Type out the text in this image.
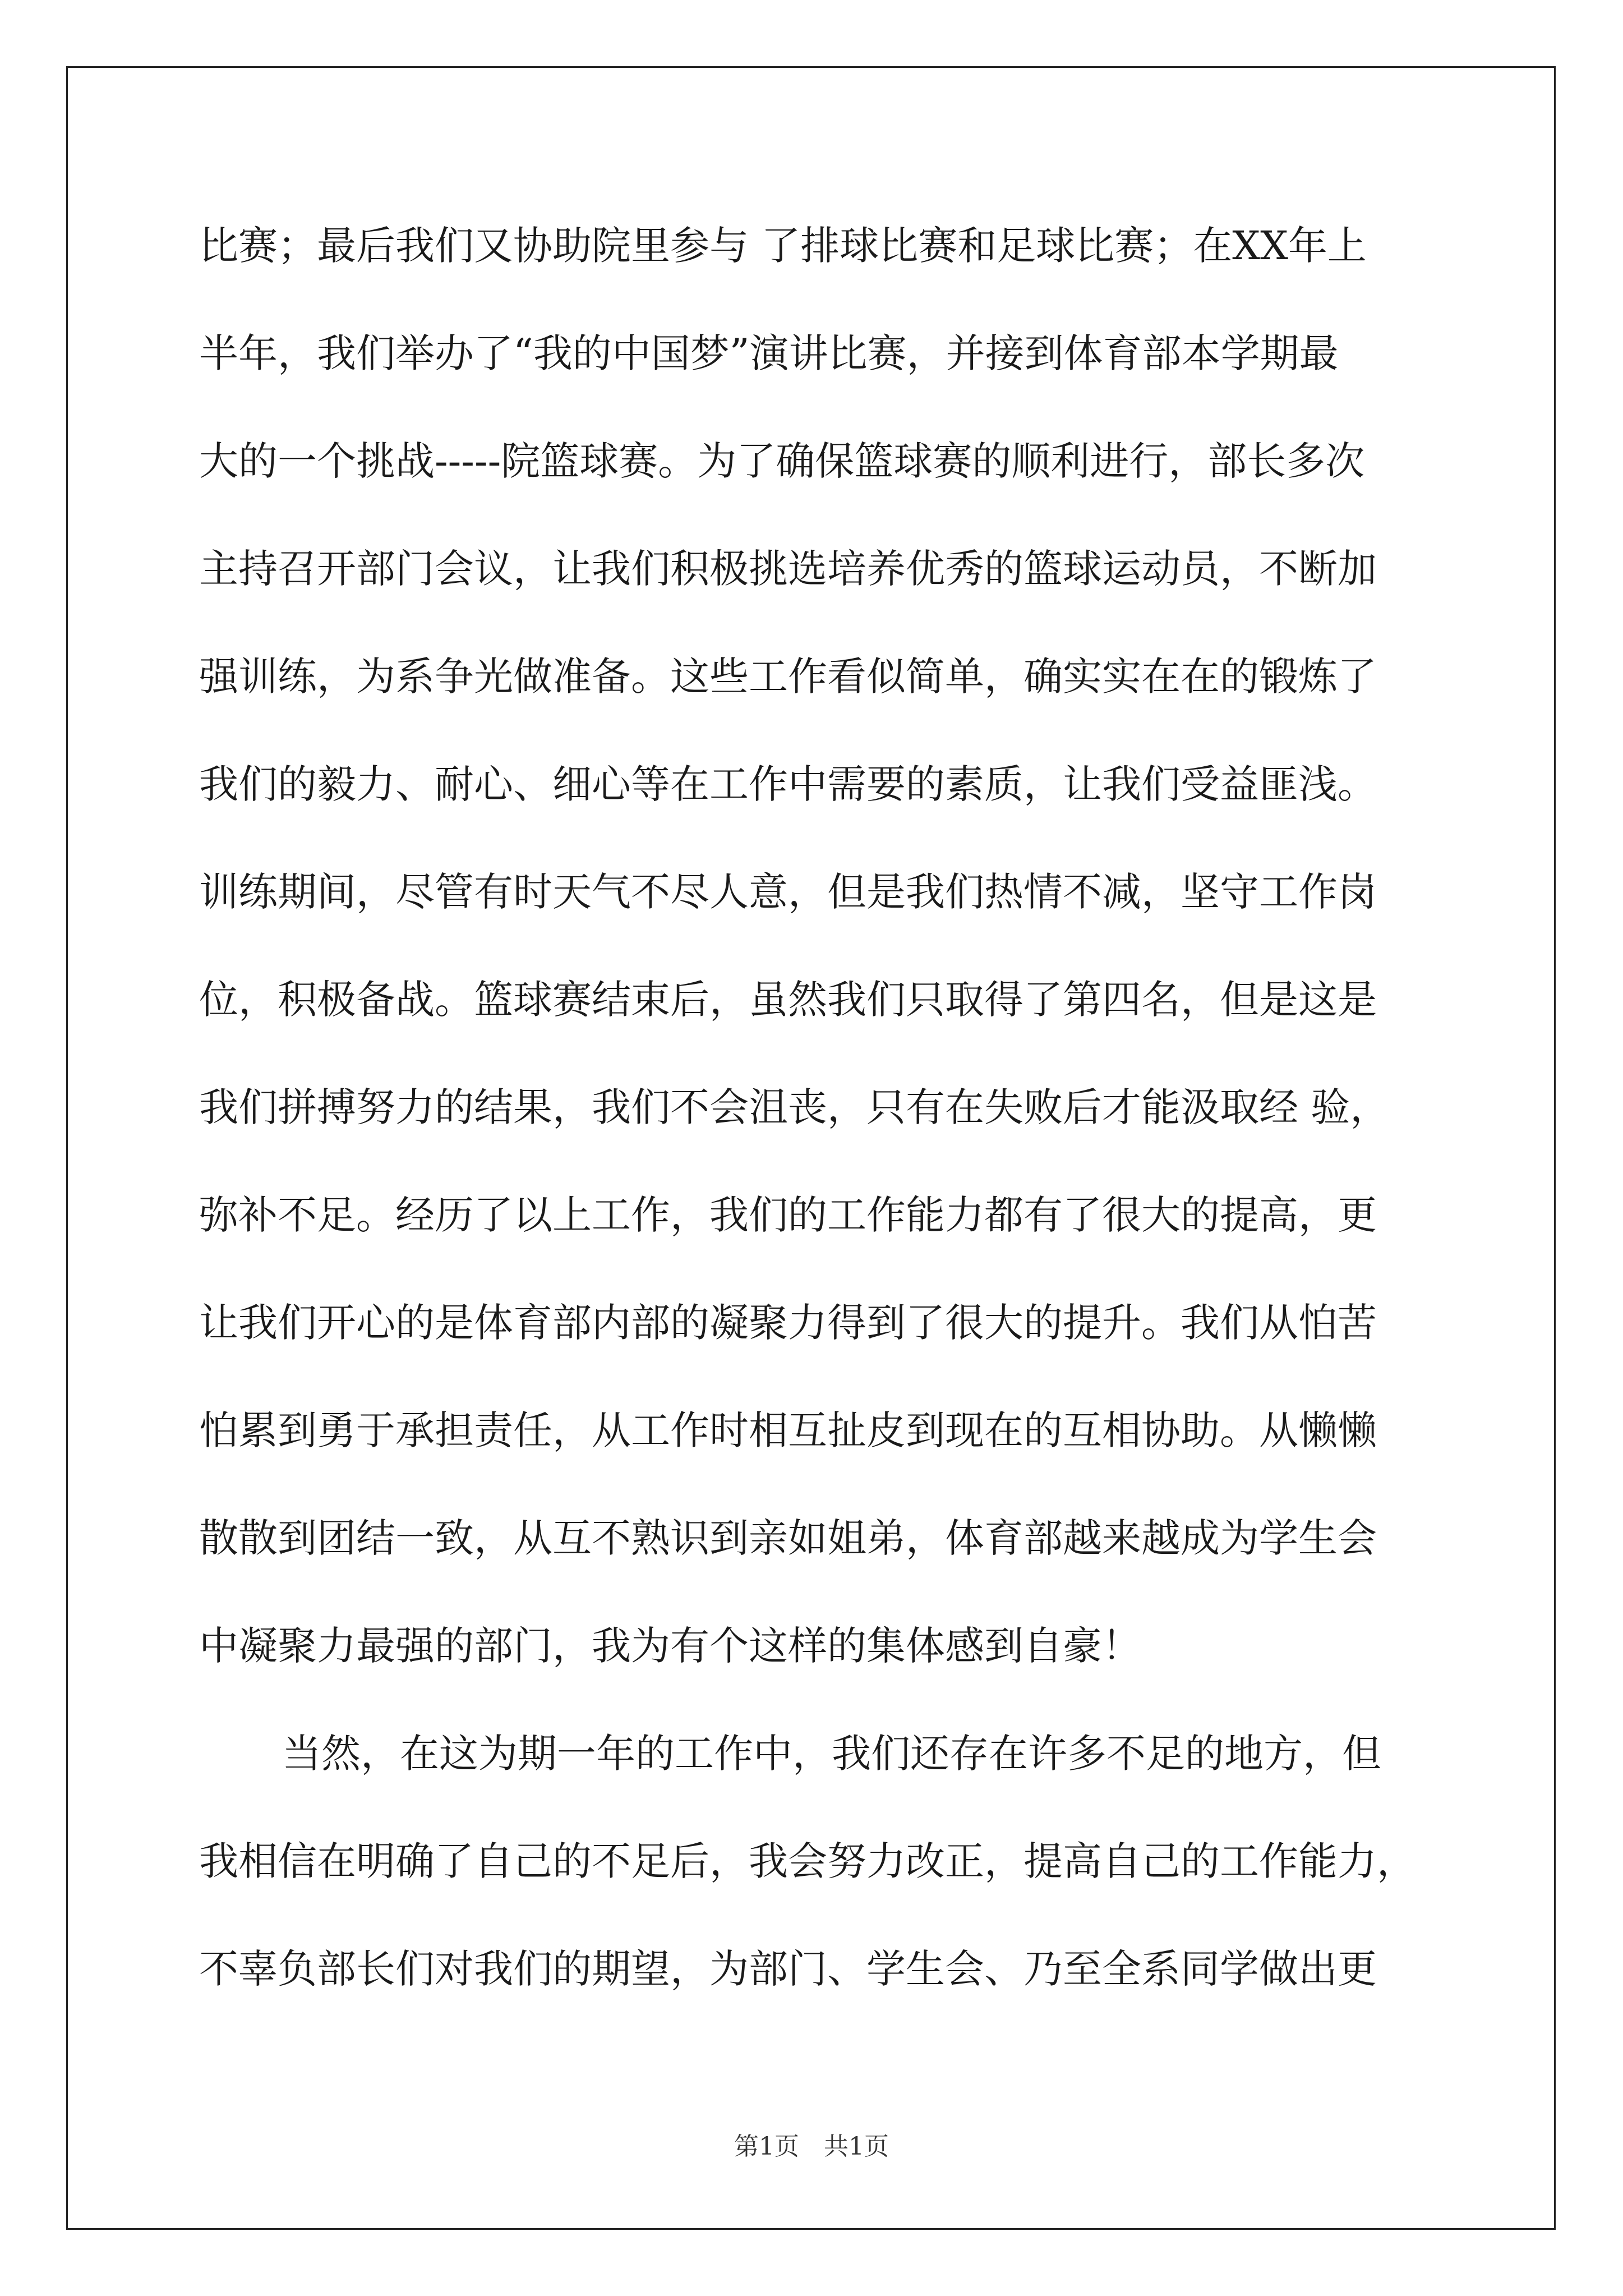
比赛；最后我们又协助院里参与 了排球比赛和足球比赛；在XX年上
半年，我们举办了“我的中国梦”演讲比赛，并接到体育部本学期最
大的一个挑战-----院篮球赛。为了确保篮球赛的顺利进行，部长多次
主持召开部门会议，让我们积极挑选培养优秀的篮球运动员，不断加
强训练，为系争光做准备。这些工作看似简单，确实实在在的锻炼了
我们的毅力、耐心、细心等在工作中需要的素质，让我们受益匪浅。
训练期间，尽管有时天气不尽人意，但是我们热情不减，坚守工作岗
位，积极备战。篮球赛结束后，虽然我们只取得了第四名，但是这是
我们拼搏努力的结果，我们不会沮丧，只有在失败后才能汲取经 验，
弥补不足。经历了以上工作，我们的工作能力都有了很大的提高，更
让我们开心的是体育部内部的凝聚力得到了很大的提升。我们从怕苦
怕累到勇于承担责任，从工作时相互扯皮到现在的互相协助。从懒懒
散散到团结一致，从互不熟识到亲如姐弟，体育部越来越成为学生会
中凝聚力最强的部门，我为有个这样的集体感到自豪！
当然，在这为期一年的工作中，我们还存在许多不足的地方，但
我相信在明确了自己的不足后，我会努力改正，提高自己的工作能力，
不辜负部长们对我们的期望，为部门、学生会、乃至全系同学做出更
第1页　共1页
